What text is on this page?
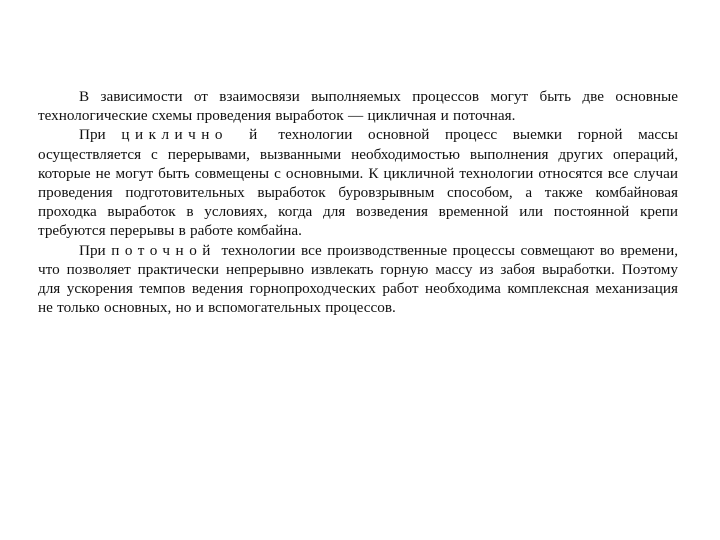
В зависимости от взаимосвязи выполняемых процессов могут быть две основные технологические схемы проведения выработок — цикличная и поточная.

При циклично й технологии основной процесс выемки горной массы осуществляется с перерывами, вызванными необходимостью выполнения других операций, которые не могут быть совмещены с основными. К цикличной технологии относятся все случаи проведения подготовительных выработок буровзрывным способом, а также комбайновая проходка выработок в условиях, когда для возведения временной или постоянной крепи требуются перерывы в работе комбайна.

При поточной технологии все производственные процессы совмещают во времени, что позволяет практически непрерывно извлекать горную массу из забоя выработки. Поэтому для ускорения темпов ведения горнопроходческих работ необходима комплексная механизация не только основных, но и вспомогательных процессов.
